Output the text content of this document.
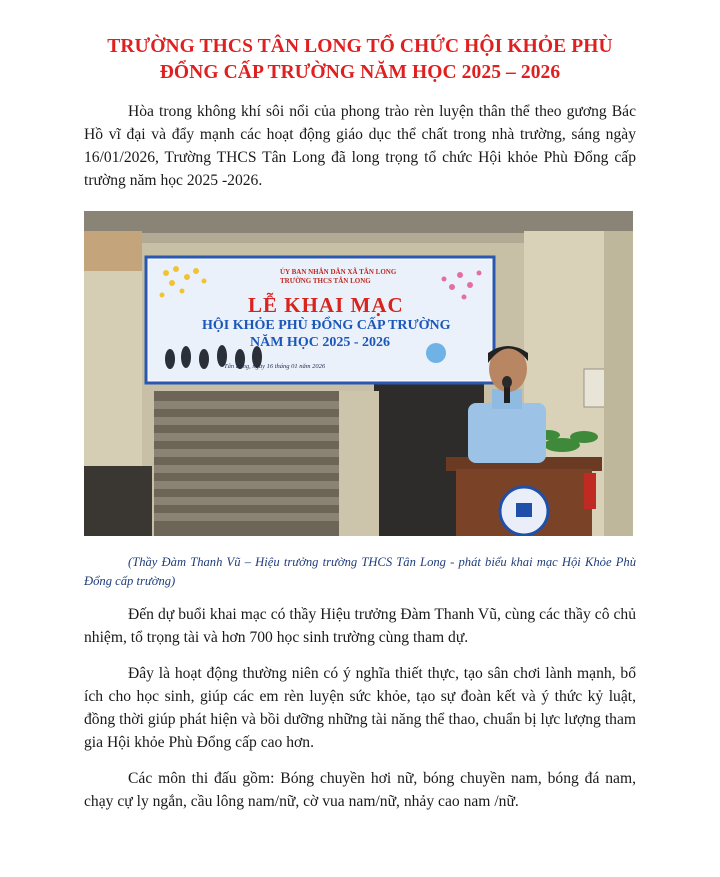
TRƯỜNG THCS TÂN LONG TỔ CHỨC HỘI KHỎE PHÙ
ĐỔNG CẤP TRƯỜNG NĂM HỌC 2025 – 2026

Hòa trong không khí sôi nổi của phong trào rèn luyện thân thể theo gương Bác Hồ vĩ đại và đẩy mạnh các hoạt động giáo dục thể chất trong nhà trường, sáng ngày 16/01/2026, Trường THCS Tân Long đã long trọng tổ chức Hội khỏe Phù Đổng cấp trường năm học 2025 -2026.

ỦY BAN NHÂN DÂN XÃ TÂN LONG

TRƯỜNG THCS TÂN LONG

LỄ KHAI MẠC

HỘI KHỎE PHÙ ĐỔNG CẤP TRƯỜNG

NĂM HỌC 2025 - 2026

Tân Long, ngày 16 tháng 01 năm 2026

(Thầy Đàm Thanh Vũ – Hiệu trưởng trường THCS Tân Long - phát biểu khai mạc Hội Khỏe Phù Đổng cấp trường)

Đến dự buổi khai mạc có thầy Hiệu trưởng Đàm Thanh Vũ, cùng các thầy cô chủ nhiệm, tổ trọng tài và hơn 700 học sinh trường cùng tham dự.

Đây là hoạt động thường niên có ý nghĩa thiết thực, tạo sân chơi lành mạnh, bổ ích cho học sinh, giúp các em rèn luyện sức khỏe, tạo sự đoàn kết và ý thức kỷ luật, đồng thời giúp phát hiện và bồi dưỡng những tài năng thể thao, chuẩn bị lực lượng tham gia Hội khỏe Phù Đổng cấp cao hơn.

Các môn thi đấu gồm: Bóng chuyền hơi nữ, bóng chuyền nam, bóng đá nam, chạy cự ly ngắn, cầu lông nam/nữ, cờ vua nam/nữ, nhảy cao nam /nữ.
